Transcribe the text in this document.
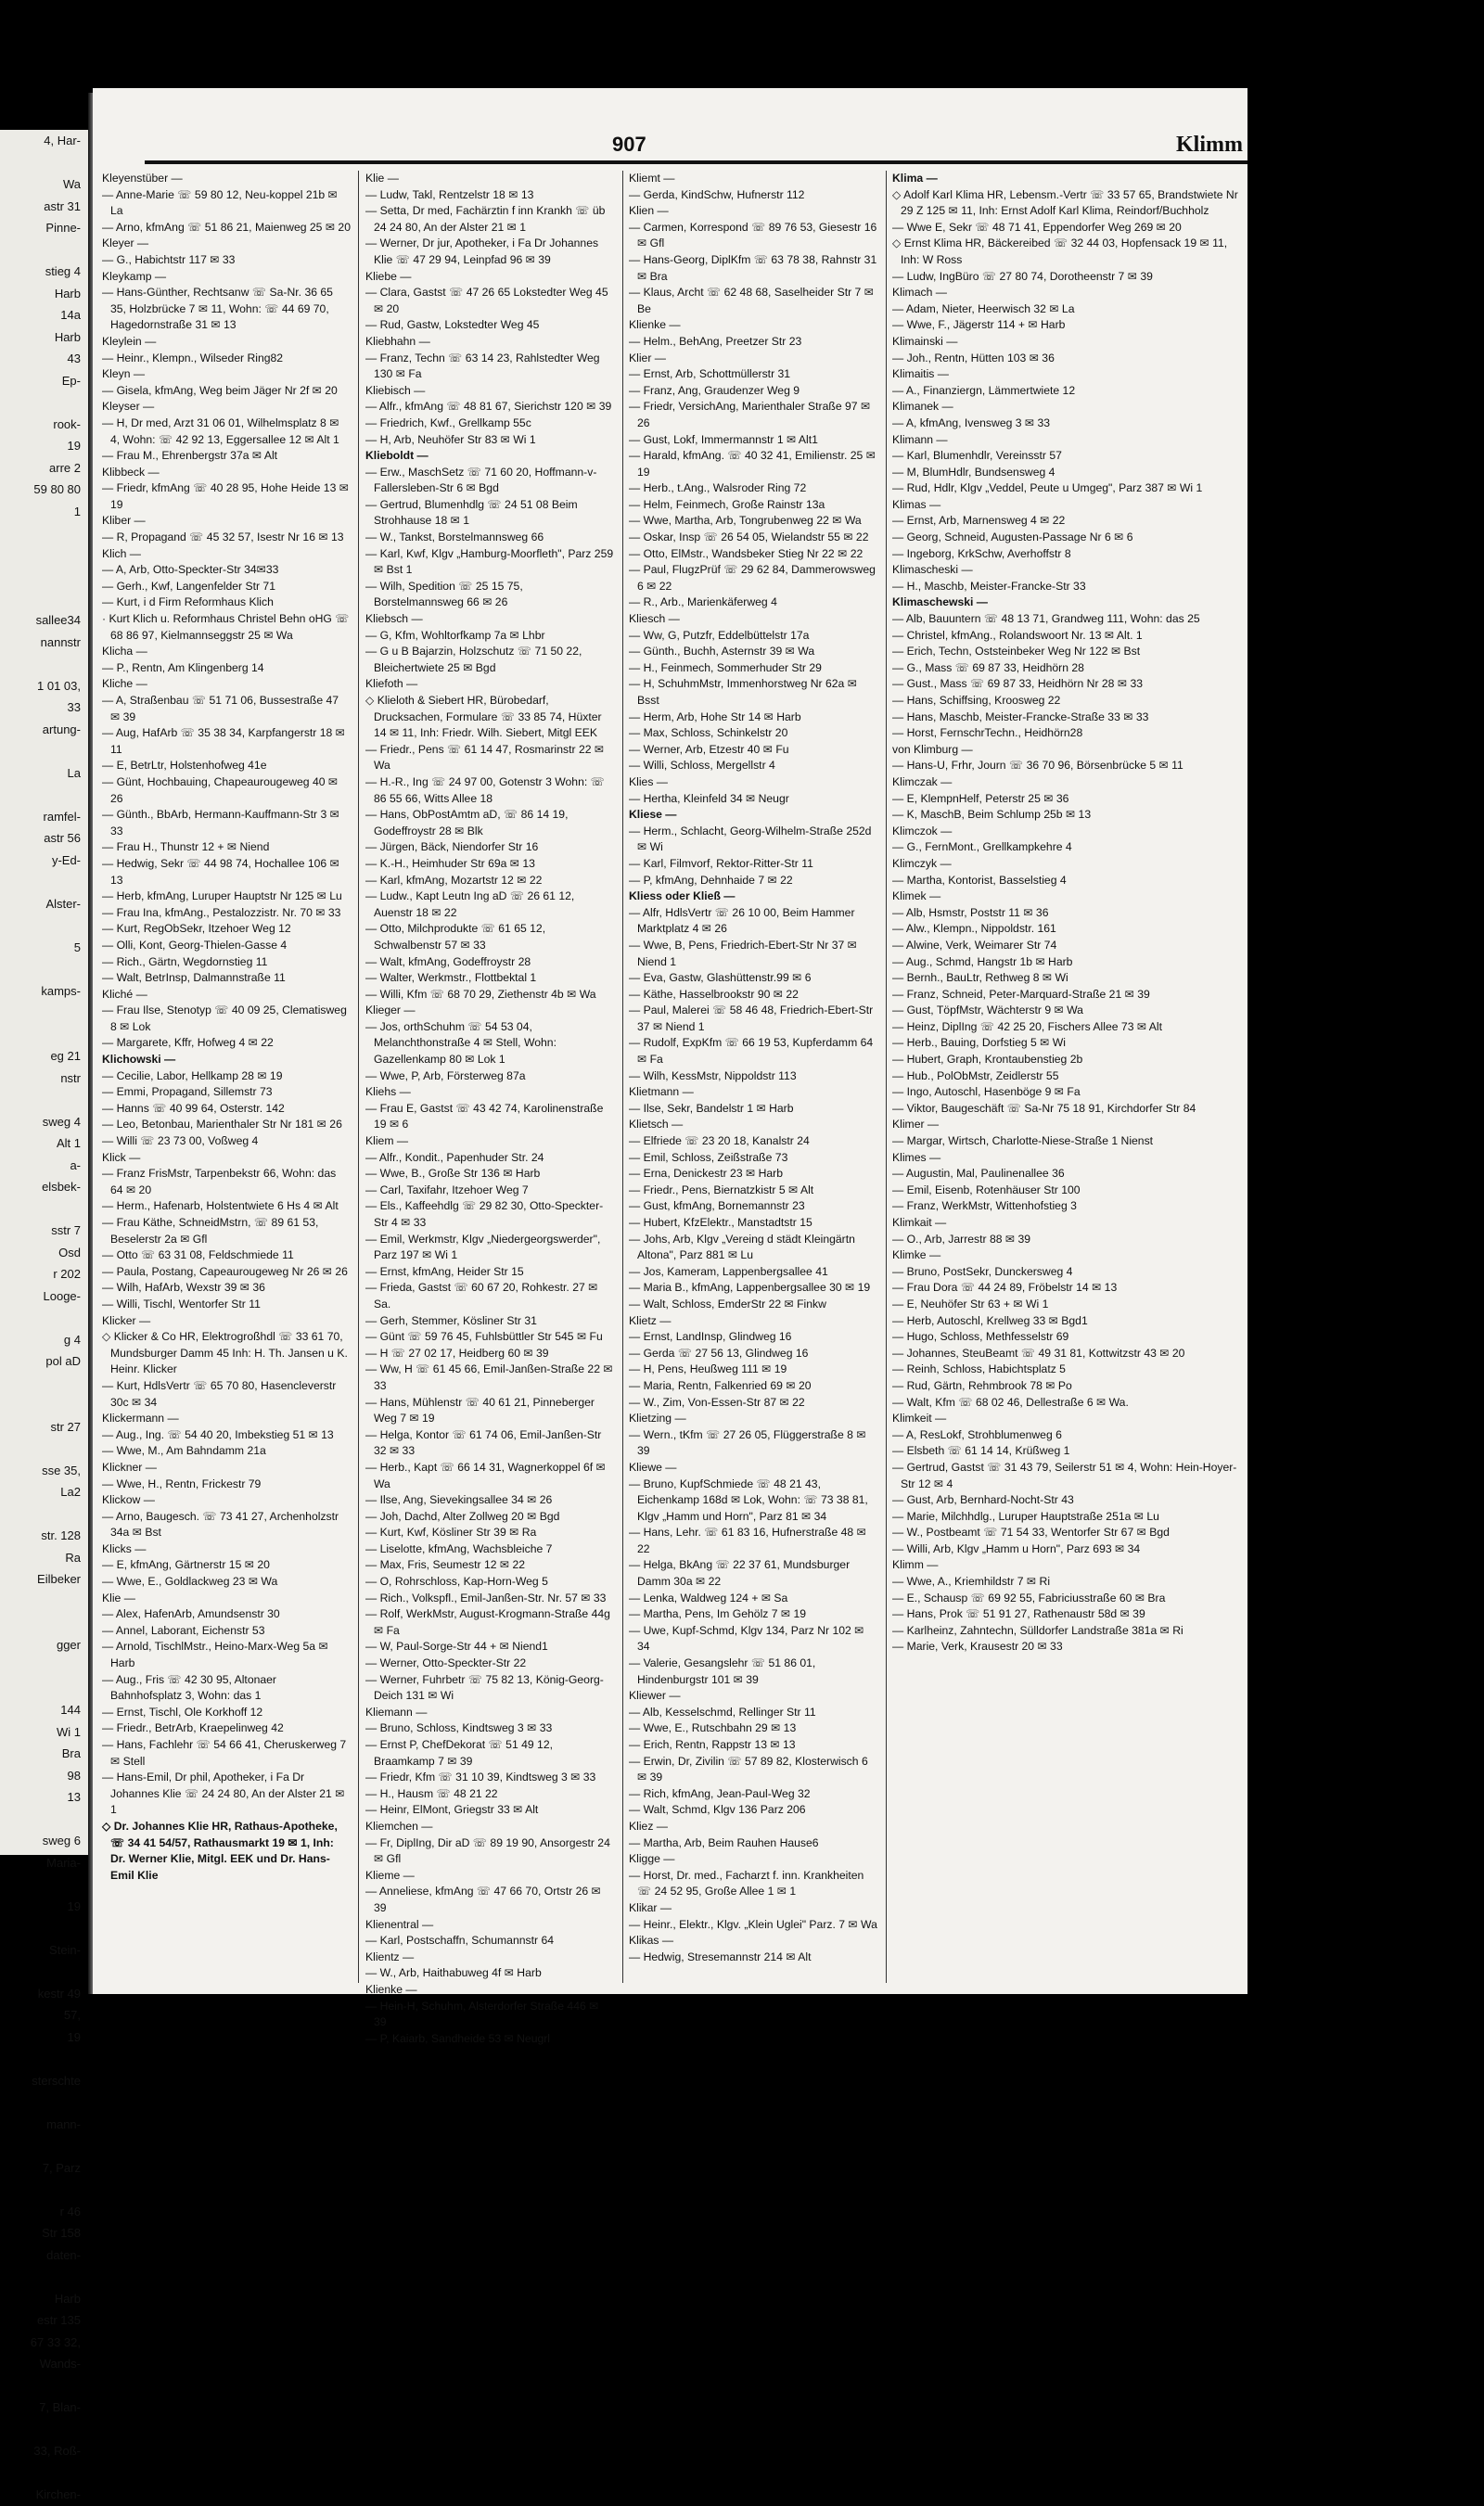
4, Har-

Wa
astr 31
Pinne-

stieg 4
Harb
14a
Harb
43
Ep-

rook-
19
arre 2
59 80 80
1

sallee34
nannstr

1 01 03,
33
artung-

La

ramfel-
astr 56
y-Ed-

Alster-

5

kamps-

eg 21
nstr

sweg 4
Alt 1
a-
elsbek-

sstr 7
Osd
r 202
Looge-

g 4
pol aD

str 27

sse 35,
La2

str. 128
Ra
Eilbeker

gger

144
Wi 1
Bra
98
13

sweg 6
Maria-

19

Stein-

kestr 49
57,
19

sterschte

mann-

7, Parz

r 46
Str 158
daten-

Harb
estr 135
67 33 32,
Wands-

7, Blan-

33, Roß-

Kirchen-
907	Klimm
Kleyenstüber —
— Anne-Marie ☏ 59 80 12, Neu-koppel 21b ✉ La
— Arno, kfmAng ☏ 51 86 21, Maienweg 25 ✉ 20
Kleyer —
— G., Habichtstr 117 ✉ 33
Kleykamp —
— Hans-Günther, Rechtsanw ☏ Sa-Nr. 36 65 35, Holzbrücke 7 ✉ 11, Wohn: ☏ 44 69 70, Hagedornstraße 31 ✉ 13
Kleylein —
— Heinr., Klempn., Wilseder Ring82
Kleyn —
— Gisela, kfmAng, Weg beim Jäger Nr 2f ✉ 20
Kleyser —
— H, Dr med, Arzt 31 06 01, Wilhelmsplatz 8 ✉ 4, Wohn: ☏ 42 92 13, Eggersallee 12 ✉ Alt 1
— Frau M., Ehrenbergstr 37a ✉ Alt
Klibbeck —
— Friedr, kfmAng ☏ 40 28 95, Hohe Heide 13 ✉ 19
Kliber —
— R, Propagand ☏ 45 32 57, Isestr Nr 16 ✉ 13
Klich —
— A, Arb, Otto-Speckter-Str 34✉33
— Gerh., Kwf, Langenfelder Str 71
— Kurt, i d Firm Reformhaus Klich
· Kurt Klich u. Reformhaus Christel Behn oHG ☏ 68 86 97, Kielmannseggstr 25 ✉ Wa
Klicha —
— P., Rentn, Am Klingenberg 14
Kliche —
— A, Straßenbau ☏ 51 71 06, Bussestraße 47 ✉ 39
— Aug, HafArb ☏ 35 38 34, Karpfangerstr 18 ✉ 11
— E, BetrLtr, Holstenhofweg 41e
— Günt, Hochbauing, Chapeaurougeweg 40 ✉ 26
— Günth., BbArb, Hermann-Kauffmann-Str 3 ✉ 33
— Frau H., Thunstr 12 + ✉ Niend
— Hedwig, Sekr ☏ 44 98 74, Hochallee 106 ✉ 13
— Herb, kfmAng, Luruper Hauptstr Nr 125 ✉ Lu
— Frau Ina, kfmAng., Pestalozzistr. Nr. 70 ✉ 33
— Kurt, RegObSekr, Itzehoer Weg 12
— Olli, Kont, Georg-Thielen-Gasse 4
— Rich., Gärtn, Wegdornstieg 11
— Walt, BetrInsp, Dalmannstraße 11
Kliché —
— Frau Ilse, Stenotyp ☏ 40 09 25, Clematisweg 8 ✉ Lok
— Margarete, Kffr, Hofweg 4 ✉ 22
Klichowski —
— Cecilie, Labor, Hellkamp 28 ✉ 19
— Emmi, Propagand, Sillemstr 73
— Hanns ☏ 40 99 64, Osterstr. 142
— Leo, Betonbau, Marienthaler Str Nr 181 ✉ 26
— Willi ☏ 23 73 00, Voßweg 4
Klick —
— Franz FrisMstr, Tarpenbekstr 66, Wohn: das 64 ✉ 20
— Herm., Hafenarb, Holstentwiete 6 Hs 4 ✉ Alt
— Frau Käthe, SchneidMstrn, ☏ 89 61 53, Beselerstr 2a ✉ Gfl
— Otto ☏ 63 31 08, Feldschmiede 11
— Paula, Postang, Capeaurougeweg Nr 26 ✉ 26
— Wilh, HafArb, Wexstr 39 ✉ 36
— Willi, Tischl, Wentorfer Str 11
Klicker —
◇ Klicker & Co HR, Elektrogroßhdl ☏ 33 61 70, Mundsburger Damm 45 Inh: H. Th. Jansen u K. Heinr. Klicker
— Kurt, HdlsVertr ☏ 65 70 80, Hasencleverstr 30c ✉ 34
Klickermann —
— Aug., Ing. ☏ 54 40 20, Imbekstieg 51 ✉ 13
— Wwe, M., Am Bahndamm 21a
Klickner —
— Wwe, H., Rentn, Frickestr 79
Klickow —
— Arno, Baugesch. ☏ 73 41 27, Archenholzstr 34a ✉ Bst
Klicks —
— E, kfmAng, Gärtnerstr 15 ✉ 20
— Wwe, E., Goldlackweg 23 ✉ Wa
Klie —
— Alex, HafenArb, Amundsenstr 30
— Annel, Laborant, Eichenstr 53
— Arnold, TischlMstr., Heino-Marx-Weg 5a ✉ Harb
— Aug., Fris ☏ 42 30 95, Altonaer Bahnhofsplatz 3, Wohn: das 1
— Ernst, Tischl, Ole Korkhoff 12
— Friedr., BetrArb, Kraepelinweg 42
— Hans, Fachlehr ☏ 54 66 41, Cheruskerweg 7 ✉ Stell
— Hans-Emil, Dr phil, Apotheker, i Fa Dr Johannes Klie ☏ 24 24 80, An der Alster 21 ✉ 1
◇ Dr. Johannes Klie HR, Rathaus-Apotheke, ☏ 34 41 54/57, Rathausmarkt 19 ✉ 1, Inh: Dr. Werner Klie, Mitgl. EEK und Dr. Hans-Emil Klie
Klie —
— Ludw, Takl, Rentzelstr 18 ✉ 13
— Setta, Dr med, Fachärztin f inn Krankh ☏ üb 24 24 80, An der Alster 21 ✉ 1
— Werner, Dr jur, Apotheker, i Fa Dr Johannes Klie ☏ 47 29 94, Leinpfad 96 ✉ 39
Kliebe —
— Clara, Gastst ☏ 47 26 65 Lokstedter Weg 45 ✉ 20
— Rud, Gastw, Lokstedter Weg 45
Kliebhahn —
— Franz, Techn ☏ 63 14 23, Rahlstedter Weg 130 ✉ Fa
Kliebisch —
— Alfr., kfmAng ☏ 48 81 67, Sierichstr 120 ✉ 39
— Friedrich, Kwf., Grellkamp 55c
— H, Arb, Neuhöfer Str 83 ✉ Wi 1
Klieboldt —
— Erw., MaschSetz ☏ 71 60 20, Hoffmann-v-Fallersleben-Str 6 ✉ Bgd
— Gertrud, Blumenhdlg ☏ 24 51 08 Beim Strohhause 18 ✉ 1
— W., Tankst, Borstelmannsweg 66
— Karl, Kwf, Klgv „Hamburg-Moorfleth", Parz 259 ✉ Bst 1
— Wilh, Spedition ☏ 25 15 75, Borstelmannsweg 66 ✉ 26
Kliebsch —
— G, Kfm, Wohltorfkamp 7a ✉ Lhbr
— G u B Bajarzin, Holzschutz ☏ 71 50 22, Bleichertwiete 25 ✉ Bgd
Kliefoth —
◇ Klieloth & Siebert HR, Bürobedarf, Drucksachen, Formulare ☏ 33 85 74, Hüxter 14 ✉ 11, Inh: Friedr. Wilh. Siebert, Mitgl EEK
— Friedr., Pens ☏ 61 14 47, Rosmarinstr 22 ✉ Wa
— H.-R., Ing ☏ 24 97 00, Gotenstr 3 Wohn: ☏ 86 55 66, Witts Allee 18
— Hans, ObPostAmtm aD, ☏ 86 14 19, Godeffroystr 28 ✉ Blk
— Jürgen, Bäck, Niendorfer Str 16
— K.-H., Heimhuder Str 69a ✉ 13
— Karl, kfmAng, Mozartstr 12 ✉ 22
— Ludw., Kapt Leutn Ing aD ☏ 26 61 12, Auenstr 18 ✉ 22
— Otto, Milchprodukte ☏ 61 65 12, Schwalbenstr 57 ✉ 33
— Walt, kfmAng, Godeffroystr 28
— Walter, Werkmstr., Flottbektal 1
— Willi, Kfm ☏ 68 70 29, Ziethenstr 4b ✉ Wa
Klieger —
— Jos, orthSchuhm ☏ 54 53 04, Melanchthonstraße 4 ✉ Stell, Wohn: Gazellenkamp 80 ✉ Lok 1
— Wwe, P, Arb, Försterweg 87a
Kliehs —
— Frau E, Gastst ☏ 43 42 74, Karolinenstraße 19 ✉ 6
Kliem —
— Alfr., Kondit., Papenhuder Str. 24
— Wwe, B., Große Str 136 ✉ Harb
— Carl, Taxifahr, Itzehoer Weg 7
— Els., Kaffeehdlg ☏ 29 82 30, Otto-Speckter-Str 4 ✉ 33
— Emil, Werkmstr, Klgv „Niedergeorgswerder", Parz 197 ✉ Wi 1
— Ernst, kfmAng, Heider Str 15
— Frieda, Gastst ☏ 60 67 20, Rohkestr. 27 ✉ Sa.
— Gerh, Stemmer, Kösliner Str 31
— Günt ☏ 59 76 45, Fuhlsbüttler Str 545 ✉ Fu
— H ☏ 27 02 17, Heidberg 60 ✉ 39
— Ww, H ☏ 61 45 66, Emil-Janßen-Straße 22 ✉ 33
— Hans, Mühlenstr ☏ 40 61 21, Pinneberger Weg 7 ✉ 19
— Helga, Kontor ☏ 61 74 06, Emil-Janßen-Str 32 ✉ 33
— Herb., Kapt ☏ 66 14 31, Wagnerkoppel 6f ✉ Wa
— Ilse, Ang, Sievekingsallee 34 ✉ 26
— Joh, Dachd, Alter Zollweg 20 ✉ Bgd
— Kurt, Kwf, Kösliner Str 39 ✉ Ra
— Liselotte, kfmAng, Wachsbleiche 7
— Max, Fris, Seumestr 12 ✉ 22
— O, Rohrschloss, Kap-Horn-Weg 5
— Rich., Volkspfl., Emil-Janßen-Str. Nr. 57 ✉ 33
— Rolf, WerkMstr, August-Krogmann-Straße 44g ✉ Fa
— W, Paul-Sorge-Str 44 + ✉ Niend1
— Werner, Otto-Speckter-Str 22
— Werner, Fuhrbetr ☏ 75 82 13, König-Georg-Deich 131 ✉ Wi
Kliemann —
— Bruno, Schloss, Kindtsweg 3 ✉ 33
— Ernst P, ChefDekorat ☏ 51 49 12, Braamkamp 7 ✉ 39
— Friedr, Kfm ☏ 31 10 39, Kindtsweg 3 ✉ 33
— H., Hausm ☏ 48 21 22
— Heinr, ElMont, Griegstr 33 ✉ Alt
Kliemchen —
— Fr, DiplIng, Dir aD ☏ 89 19 90, Ansorgestr 24 ✉ Gfl
Klieme —
— Anneliese, kfmAng ☏ 47 66 70, Ortstr 26 ✉ 39
Klienentral —
— Karl, Postschaffn, Schumannstr 64
Klientz —
— W., Arb, Haithabuweg 4f ✉ Harb
Klienke —
— Hein-H, Schuhm, Alsterdorfer Straße 446 ✉ 39
— P, Kaiarb, Sandheide 53 ✉ Neugrl
Kliemt —
— Gerda, KindSchw, Hufnerstr 112
Klien —
— Carmen, Korrespond ☏ 89 76 53, Giesestr 16 ✉ Gfl
— Hans-Georg, DiplKfm ☏ 63 78 38, Rahnstr 31 ✉ Bra
— Klaus, Archt ☏ 62 48 68, Saselheider Str 7 ✉ Be
Klienke —
— Helm., BehAng, Preetzer Str 23
Klier —
— Ernst, Arb, Schottmüllerstr 31
— Franz, Ang, Graudenzer Weg 9
— Friedr, VersichAng, Marienthaler Straße 97 ✉ 26
— Gust, Lokf, Immermannstr 1 ✉ Alt1
— Harald, kfmAng. ☏ 40 32 41, Emilienstr. 25 ✉ 19
— Herb., t.Ang., Walsroder Ring 72
— Helm, Feinmech, Große Rainstr 13a
— Wwe, Martha, Arb, Tongrubenweg 22 ✉ Wa
— Oskar, Insp ☏ 26 54 05, Wielandstr 55 ✉ 22
— Otto, ElMstr., Wandsbeker Stieg Nr 22 ✉ 22
— Paul, FlugzPrüf ☏ 29 62 84, Dammerowsweg 6 ✉ 22
— R., Arb., Marienkäferweg 4
Kliesch —
— Ww, G, Putzfr, Eddelbüttelstr 17a
— Günth., Buchh, Asternstr 39 ✉ Wa
— H., Feinmech, Sommerhuder Str 29
— H, SchuhmMstr, Immenhorstweg Nr 62a ✉ Bsst
— Herm, Arb, Hohe Str 14 ✉ Harb
— Max, Schloss, Schinkelstr 20
— Werner, Arb, Etzestr 40 ✉ Fu
— Willi, Schloss, Mergellstr 4
Klies —
— Hertha, Kleinfeld 34 ✉ Neugr
Kliese —
— Herm., Schlacht, Georg-Wilhelm-Straße 252d ✉ Wi
— Karl, Filmvorf, Rektor-Ritter-Str 11
— P, kfmAng, Dehnhaide 7 ✉ 22
Kliess oder Kließ —
— Alfr, HdlsVertr ☏ 26 10 00, Beim Hammer Marktplatz 4 ✉ 26
— Wwe, B, Pens, Friedrich-Ebert-Str Nr 37 ✉ Niend 1
— Eva, Gastw, Glashüttenstr.99 ✉ 6
— Käthe, Hasselbrookstr 90 ✉ 22
— Paul, Malerei ☏ 58 46 48, Friedrich-Ebert-Str 37 ✉ Niend 1
— Rudolf, ExpKfm ☏ 66 19 53, Kupferdamm 64 ✉ Fa
— Wilh, KessMstr, Nippoldstr 113
Klietmann —
— Ilse, Sekr, Bandelstr 1 ✉ Harb
Klietsch —
— Elfriede ☏ 23 20 18, Kanalstr 24
— Emil, Schloss, Zeißstraße 73
— Erna, Denickestr 23 ✉ Harb
— Friedr., Pens, Biernatzkistr 5 ✉ Alt
— Gust, kfmAng, Bornemannstr 23
— Hubert, KfzElektr., Manstadtstr 15
— Johs, Arb, Klgv „Vereing d städt Kleingärtn Altona", Parz 881 ✉ Lu
— Jos, Kameram, Lappenbergsallee 41
— Maria B., kfmAng, Lappenbergsallee 30 ✉ 19
— Walt, Schloss, EmderStr 22 ✉ Finkw
Klietz —
— Ernst, LandInsp, Glindweg 16
— Gerda ☏ 27 56 13, Glindweg 16
— H, Pens, Heußweg 111 ✉ 19
— Maria, Rentn, Falkenried 69 ✉ 20
— W., Zim, Von-Essen-Str 87 ✉ 22
Klietzing —
— Wern., tKfm ☏ 27 26 05, Flüggerstraße 8 ✉ 39
Kliewe —
— Bruno, KupfSchmiede ☏ 48 21 43, Eichenkamp 168d ✉ Lok, Wohn: ☏ 73 38 81, Klgv „Hamm und Horn", Parz 81 ✉ 34
— Hans, Lehr. ☏ 61 83 16, Hufnerstraße 48 ✉ 22
— Helga, BkAng ☏ 22 37 61, Mundsburger Damm 30a ✉ 22
— Lenka, Waldweg 124 + ✉ Sa
— Martha, Pens, Im Gehölz 7 ✉ 19
— Uwe, Kupf-Schmd, Klgv 134, Parz Nr 102 ✉ 34
— Valerie, Gesangslehr ☏ 51 86 01, Hindenburgstr 101 ✉ 39
Kliewer —
— Alb, Kesselschmd, Rellinger Str 11
— Wwe, E., Rutschbahn 29 ✉ 13
— Erich, Rentn, Rappstr 13 ✉ 13
— Erwin, Dr, Zivilin ☏ 57 89 82, Klosterwisch 6 ✉ 39
— Rich, kfmAng, Jean-Paul-Weg 32
— Walt, Schmd, Klgv 136 Parz 206
Kliez —
— Martha, Arb, Beim Rauhen Hause6
Kligge —
— Horst, Dr. med., Facharzt f. inn. Krankheiten ☏ 24 52 95, Große Allee 1 ✉ 1
Klikar —
— Heinr., Elektr., Klgv. „Klein Uglei" Parz. 7 ✉ Wa
Klikas —
— Hedwig, Stresemannstr 214 ✉ Alt
Klima —
◇ Adolf Karl Klima HR, Lebensm.-Vertr ☏ 33 57 65, Brandstwiete Nr 29 Z 125 ✉ 11, Inh: Ernst Adolf Karl Klima, Reindorf/Buchholz
— Wwe E, Sekr ☏ 48 71 41, Eppendorfer Weg 269 ✉ 20
◇ Ernst Klima HR, Bäckereibed ☏ 32 44 03, Hopfensack 19 ✉ 11, Inh: W Ross
— Ludw, IngBüro ☏ 27 80 74, Dorotheenstr 7 ✉ 39
Klimach —
— Adam, Nieter, Heerwisch 32 ✉ La
— Wwe, F., Jägerstr 114 + ✉ Harb
Klimainski —
— Joh., Rentn, Hütten 103 ✉ 36
Klimaitis —
— A., Finanziergn, Lämmertwiete 12
Klimanek —
— A, kfmAng, Ivensweg 3 ✉ 33
Klimann —
— Karl, Blumenhdlr, Vereinsstr 57
— M, BlumHdlr, Bundsensweg 4
— Rud, Hdlr, Klgv „Veddel, Peute u Umgeg", Parz 387 ✉ Wi 1
Klimas —
— Ernst, Arb, Marnensweg 4 ✉ 22
— Georg, Schneid, Augusten-Passage Nr 6 ✉ 6
— Ingeborg, KrkSchw, Averhoffstr 8
Klimascheski —
— H., Maschb, Meister-Francke-Str 33
Klimaschewski —
— Alb, Bauuntern ☏ 48 13 71, Grandweg 111, Wohn: das 25
— Christel, kfmAng., Rolandswoort Nr. 13 ✉ Alt. 1
— Erich, Techn, Oststeinbeker Weg Nr 122 ✉ Bst
— G., Mass ☏ 69 87 33, Heidhörn 28
— Gust., Mass ☏ 69 87 33, Heidhörn Nr 28 ✉ 33
— Hans, Schiffsing, Kroosweg 22
— Hans, Maschb, Meister-Francke-Straße 33 ✉ 33
— Horst, FernschrTechn., Heidhörn28
von Klimburg —
— Hans-U, Frhr, Journ ☏ 36 70 96, Börsenbrücke 5 ✉ 11
Klimczak —
— E, KlempnHelf, Peterstr 25 ✉ 36
— K, MaschB, Beim Schlump 25b ✉ 13
Klimczok —
— G., FernMont., Grellkampkehre 4
Klimczyk —
— Martha, Kontorist, Basselstieg 4
Klimek —
— Alb, Hsmstr, Poststr 11 ✉ 36
— Alw., Klempn., Nippoldstr. 161
— Alwine, Verk, Weimarer Str 74
— Aug., Schmd, Hangstr 1b ✉ Harb
— Bernh., BauLtr, Rethweg 8 ✉ Wi
— Franz, Schneid, Peter-Marquard-Straße 21 ✉ 39
— Gust, TöpfMstr, Wächterstr 9 ✉ Wa
— Heinz, DiplIng ☏ 42 25 20, Fischers Allee 73 ✉ Alt
— Herb., Bauing, Dorfstieg 5 ✉ Wi
— Hubert, Graph, Krontaubenstieg 2b
— Hub., PolObMstr, Zeidlerstr 55
— Ingo, Autoschl, Hasenböge 9 ✉ Fa
— Viktor, Baugeschäft ☏ Sa-Nr 75 18 91, Kirchdorfer Str 84
Klimer —
— Margar, Wirtsch, Charlotte-Niese-Straße 1 Nienst
Klimes —
— Augustin, Mal, Paulinenallee 36
— Emil, Eisenb, Rotenhäuser Str 100
— Franz, WerkMstr, Wittenhofstieg 3
Klimkait —
— O., Arb, Jarrestr 88 ✉ 39
Klimke —
— Bruno, PostSekr, Dunckersweg 4
— Frau Dora ☏ 44 24 89, Fröbelstr 14 ✉ 13
— E, Neuhöfer Str 63 + ✉ Wi 1
— Herb, Autoschl, Krellweg 33 ✉ Bgd1
— Hugo, Schloss, Methfesselstr 69
— Johannes, SteuBeamt ☏ 49 31 81, Kottwitzstr 43 ✉ 20
— Reinh, Schloss, Habichtsplatz 5
— Rud, Gärtn, Rehmbrook 78 ✉ Po
— Walt, Kfm ☏ 68 02 46, Dellestraße 6 ✉ Wa.
Klimkeit —
— A, ResLokf, Strohblumenweg 6
— Elsbeth ☏ 61 14 14, Krüßweg 1
— Gertrud, Gastst ☏ 31 43 79, Seilerstr 51 ✉ 4, Wohn: Hein-Hoyer-Str 12 ✉ 4
— Gust, Arb, Bernhard-Nocht-Str 43
— Marie, Milchhdlg., Luruper Hauptstraße 251a ✉ Lu
— W., Postbeamt ☏ 71 54 33, Wentorfer Str 67 ✉ Bgd
— Willi, Arb, Klgv „Hamm u Horn", Parz 693 ✉ 34
Klimm —
— Wwe, A., Kriemhildstr 7 ✉ Ri
— E., Schausp ☏ 69 92 55, Fabriciusstraße 60 ✉ Bra
— Hans, Prok ☏ 51 91 27, Rathenaustr 58d ✉ 39
— Karlheinz, Zahntechn, Sülldorfer Landstraße 381a ✉ Ri
— Marie, Verk, Krausestr 20 ✉ 33
